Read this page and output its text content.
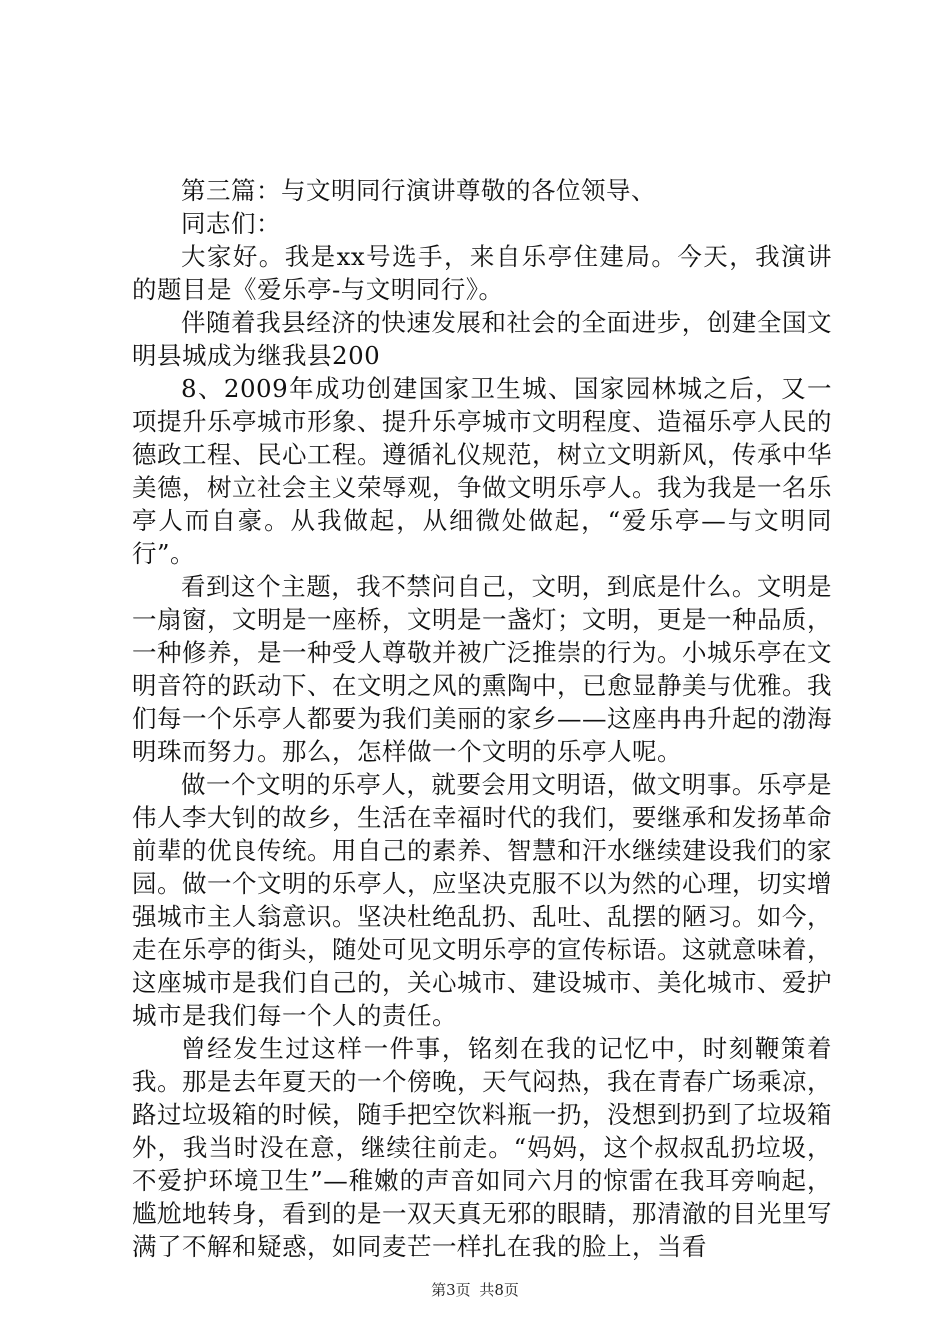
第三篇：与文明同行演讲尊敬的各位领导、

同志们：

大家好。我是xx号选手，来自乐亭住建局。今天，我演讲的题目是《爱乐亭-与文明同行》。

伴随着我县经济的快速发展和社会的全面进步，创建全国文明县城成为继我县200

8、2009年成功创建国家卫生城、国家园林城之后，又一项提升乐亭城市形象、提升乐亭城市文明程度、造福乐亭人民的德政工程、民心工程。遵循礼仪规范，树立文明新风，传承中华美德，树立社会主义荣辱观，争做文明乐亭人。我为我是一名乐亭人而自豪。从我做起，从细微处做起，“爱乐亭—与文明同行”。

看到这个主题，我不禁问自己，文明，到底是什么。文明是一扇窗，文明是一座桥，文明是一盏灯；文明，更是一种品质，一种修养，是一种受人尊敬并被广泛推崇的行为。小城乐亭在文明音符的跃动下、在文明之风的熏陶中，已愈显静美与优雅。我们每一个乐亭人都要为我们美丽的家乡——这座冉冉升起的渤海明珠而努力。那么，怎样做一个文明的乐亭人呢。

做一个文明的乐亭人，就要会用文明语，做文明事。乐亭是伟人李大钊的故乡，生活在幸福时代的我们，要继承和发扬革命前辈的优良传统。用自己的素养、智慧和汗水继续建设我们的家园。做一个文明的乐亭人，应坚决克服不以为然的心理，切实增强城市主人翁意识。坚决杜绝乱扔、乱吐、乱摆的陋习。如今，走在乐亭的街头，随处可见文明乐亭的宣传标语。这就意味着，这座城市是我们自己的，关心城市、建设城市、美化城市、爱护城市是我们每一个人的责任。

曾经发生过这样一件事，铭刻在我的记忆中，时刻鞭策着我。那是去年夏天的一个傍晚，天气闷热，我在青春广场乘凉，路过垃圾箱的时候，随手把空饮料瓶一扔，没想到扔到了垃圾箱外，我当时没在意，继续往前走。“妈妈，这个叔叔乱扔垃圾，不爱护环境卫生”—稚嫩的声音如同六月的惊雷在我耳旁响起，尴尬地转身，看到的是一双天真无邪的眼睛，那清澈的目光里写满了不解和疑惑，如同麦芒一样扎在我的脸上，当看

第3页 共8页
